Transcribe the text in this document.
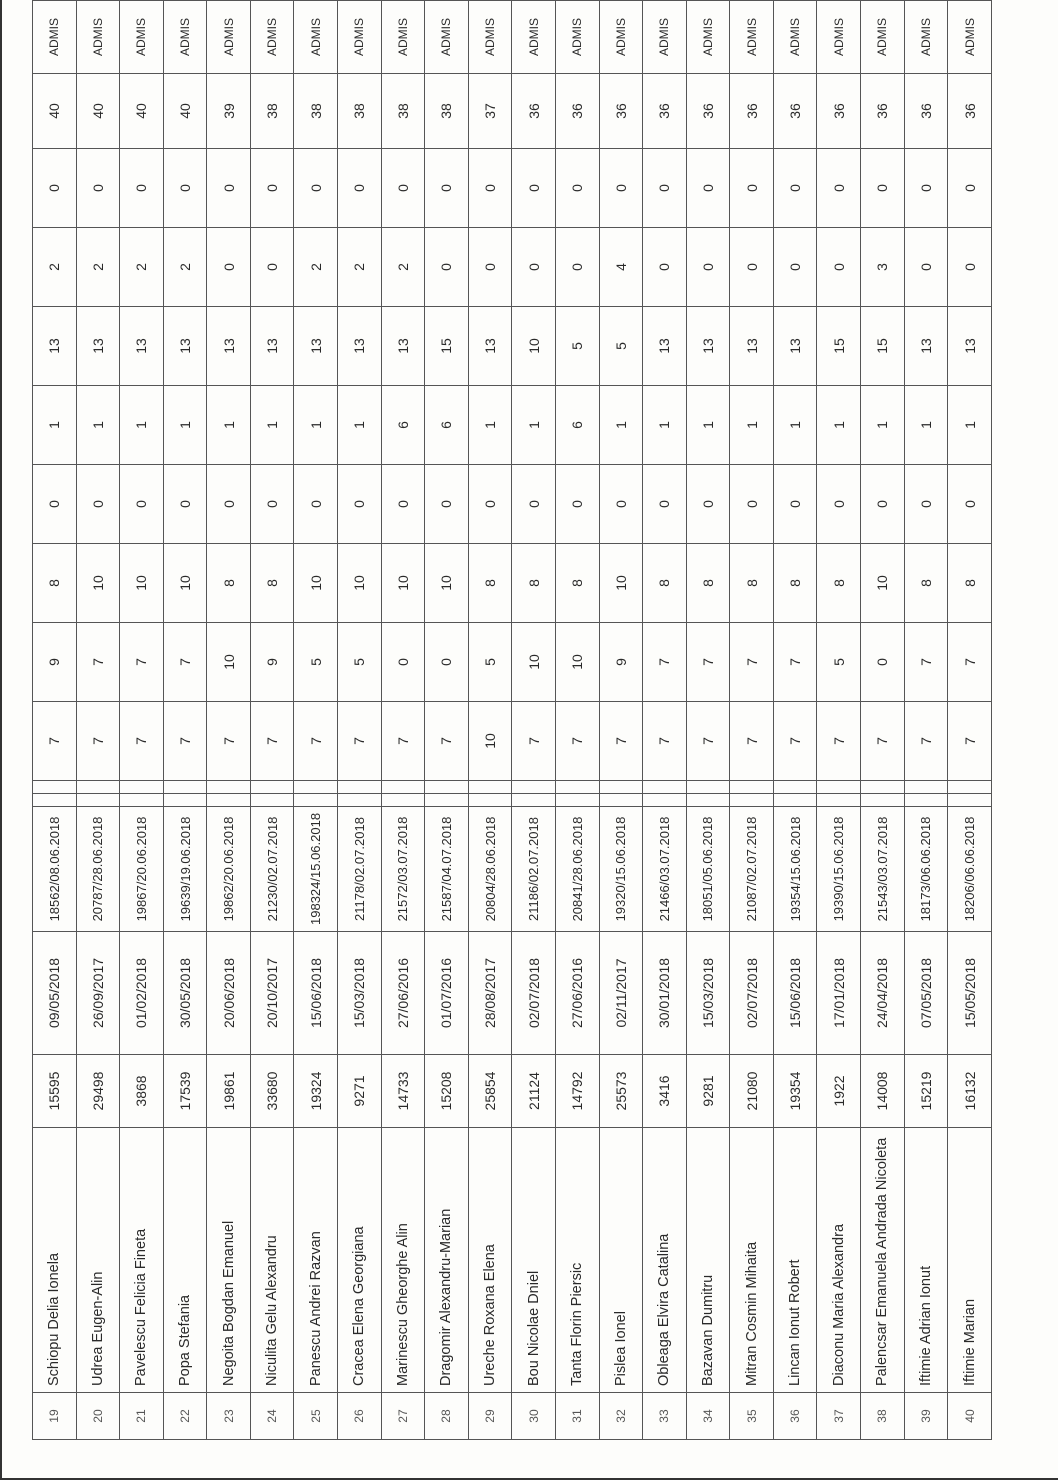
19	Schiopu Delia Ionela	15595	09/05/2018	18562/08.06.2018			7	9	8	0	1	13	2	0	40	ADMIS
20	Udrea Eugen-Alin	29498	26/09/2017	20787/28.06.2018			7	7	10	0	1	13	2	0	40	ADMIS
21	Pavelescu Felicia Fineta	3868	01/02/2018	19867/20.06.2018			7	7	10	0	1	13	2	0	40	ADMIS
22	Popa Stefania	17539	30/05/2018	19639/19.06.2018			7	7	10	0	1	13	2	0	40	ADMIS
23	Negoita Bogdan Emanuel	19861	20/06/2018	19862/20.06.2018			7	10	8	0	1	13	0	0	39	ADMIS
24	Niculita Gelu Alexandru	33680	20/10/2017	21230/02.07.2018			7	9	8	0	1	13	0	0	38	ADMIS
25	Panescu Andrei Razvan	19324	15/06/2018	198324/15.06.2018			7	5	10	0	1	13	2	0	38	ADMIS
26	Cracea Elena Georgiana	9271	15/03/2018	21178/02.07.2018			7	5	10	0	1	13	2	0	38	ADMIS
27	Marinescu Gheorghe Alin	14733	27/06/2016	21572/03.07.2018			7	0	10	0	6	13	2	0	38	ADMIS
28	Dragomir Alexandru-Marian	15208	01/07/2016	21587/04.07.2018			7	0	10	0	6	15	0	0	38	ADMIS
29	Ureche Roxana Elena	25854	28/08/2017	20804/28.06.2018			10	5	8	0	1	13	0	0	37	ADMIS
30	Bou Nicolae Dniel	21124	02/07/2018	21186/02.07.2018			7	10	8	0	1	10	0	0	36	ADMIS
31	Tanta Florin Piersic	14792	27/06/2016	20841/28.06.2018			7	10	8	0	6	5	0	0	36	ADMIS
32	Pislea Ionel	25573	02/11/2017	19320/15.06.2018			7	9	10	0	1	5	4	0	36	ADMIS
33	Obleaga Elvira Catalina	3416	30/01/2018	21466/03.07.2018			7	7	8	0	1	13	0	0	36	ADMIS
34	Bazavan Dumitru	9281	15/03/2018	18051/05.06.2018			7	7	8	0	1	13	0	0	36	ADMIS
35	Mitran Cosmin Mihaita	21080	02/07/2018	21087/02.07.2018			7	7	8	0	1	13	0	0	36	ADMIS
36	Lincan Ionut Robert	19354	15/06/2018	19354/15.06.2018			7	7	8	0	1	13	0	0	36	ADMIS
37	Diaconu Maria Alexandra	1922	17/01/2018	19390/15.06.2018			7	5	8	0	1	15	0	0	36	ADMIS
38	Palencsar Emanuela Andrada Nicoleta	14008	24/04/2018	21543/03.07.2018			7	0	10	0	1	15	3	0	36	ADMIS
39	Iftimie Adrian Ionut	15219	07/05/2018	18173/06.06.2018			7	7	8	0	1	13	0	0	36	ADMIS
40	Iftimie Marian	16132	15/05/2018	18206/06.06.2018			7	7	8	0	1	13	0	0	36	ADMIS
